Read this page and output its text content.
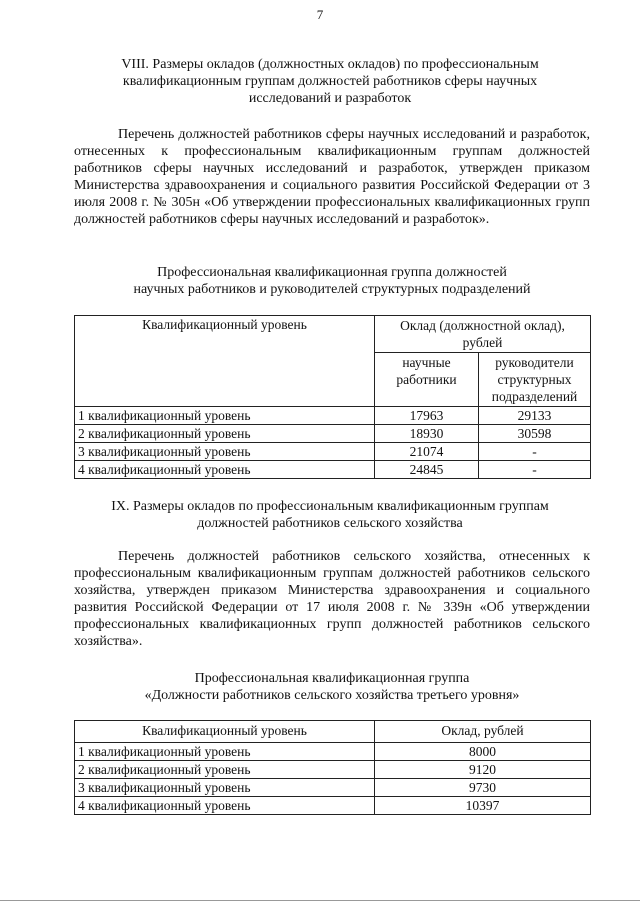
7
VIII. Размеры окладов (должностных окладов) по профессиональным
квалификационным группам должностей работников сферы научных
исследований и разработок
Перечень должностей работников сферы научных исследований и разработок, отнесенных к профессиональным квалификационным группам должностей работников сферы научных исследований и разработок, утвержден приказом Министерства здравоохранения и социального развития Российской Федерации от 3 июля 2008 г. № 305н «Об утверждении профессиональных квалификационных групп должностей работников сферы научных исследований и разработок».
Профессиональная квалификационная группа должностей
научных работников и руководителей структурных подразделений
Квалификационный уровень	Оклад (должностной оклад), рублей	
	научные работники	руководители структурных подразделений
1 квалификационный уровень	17963	29133
2 квалификационный уровень	18930	30598
3 квалификационный уровень	21074	-
4 квалификационный уровень	24845	-
IX. Размеры окладов по профессиональным квалификационным группам
должностей работников сельского хозяйства
Перечень должностей работников сельского хозяйства, отнесенных к профессиональным квалификационным группам должностей работников сельского хозяйства, утвержден приказом Министерства здравоохранения и социального развития Российской Федерации от 17 июля 2008 г. № 339н «Об утверждении профессиональных квалификационных групп должностей работников сельского хозяйства».
Профессиональная квалификационная группа
«Должности работников сельского хозяйства третьего уровня»
Квалификационный уровень	Оклад, рублей
1 квалификационный уровень	8000
2 квалификационный уровень	9120
3 квалификационный уровень	9730
4 квалификационный уровень	10397
